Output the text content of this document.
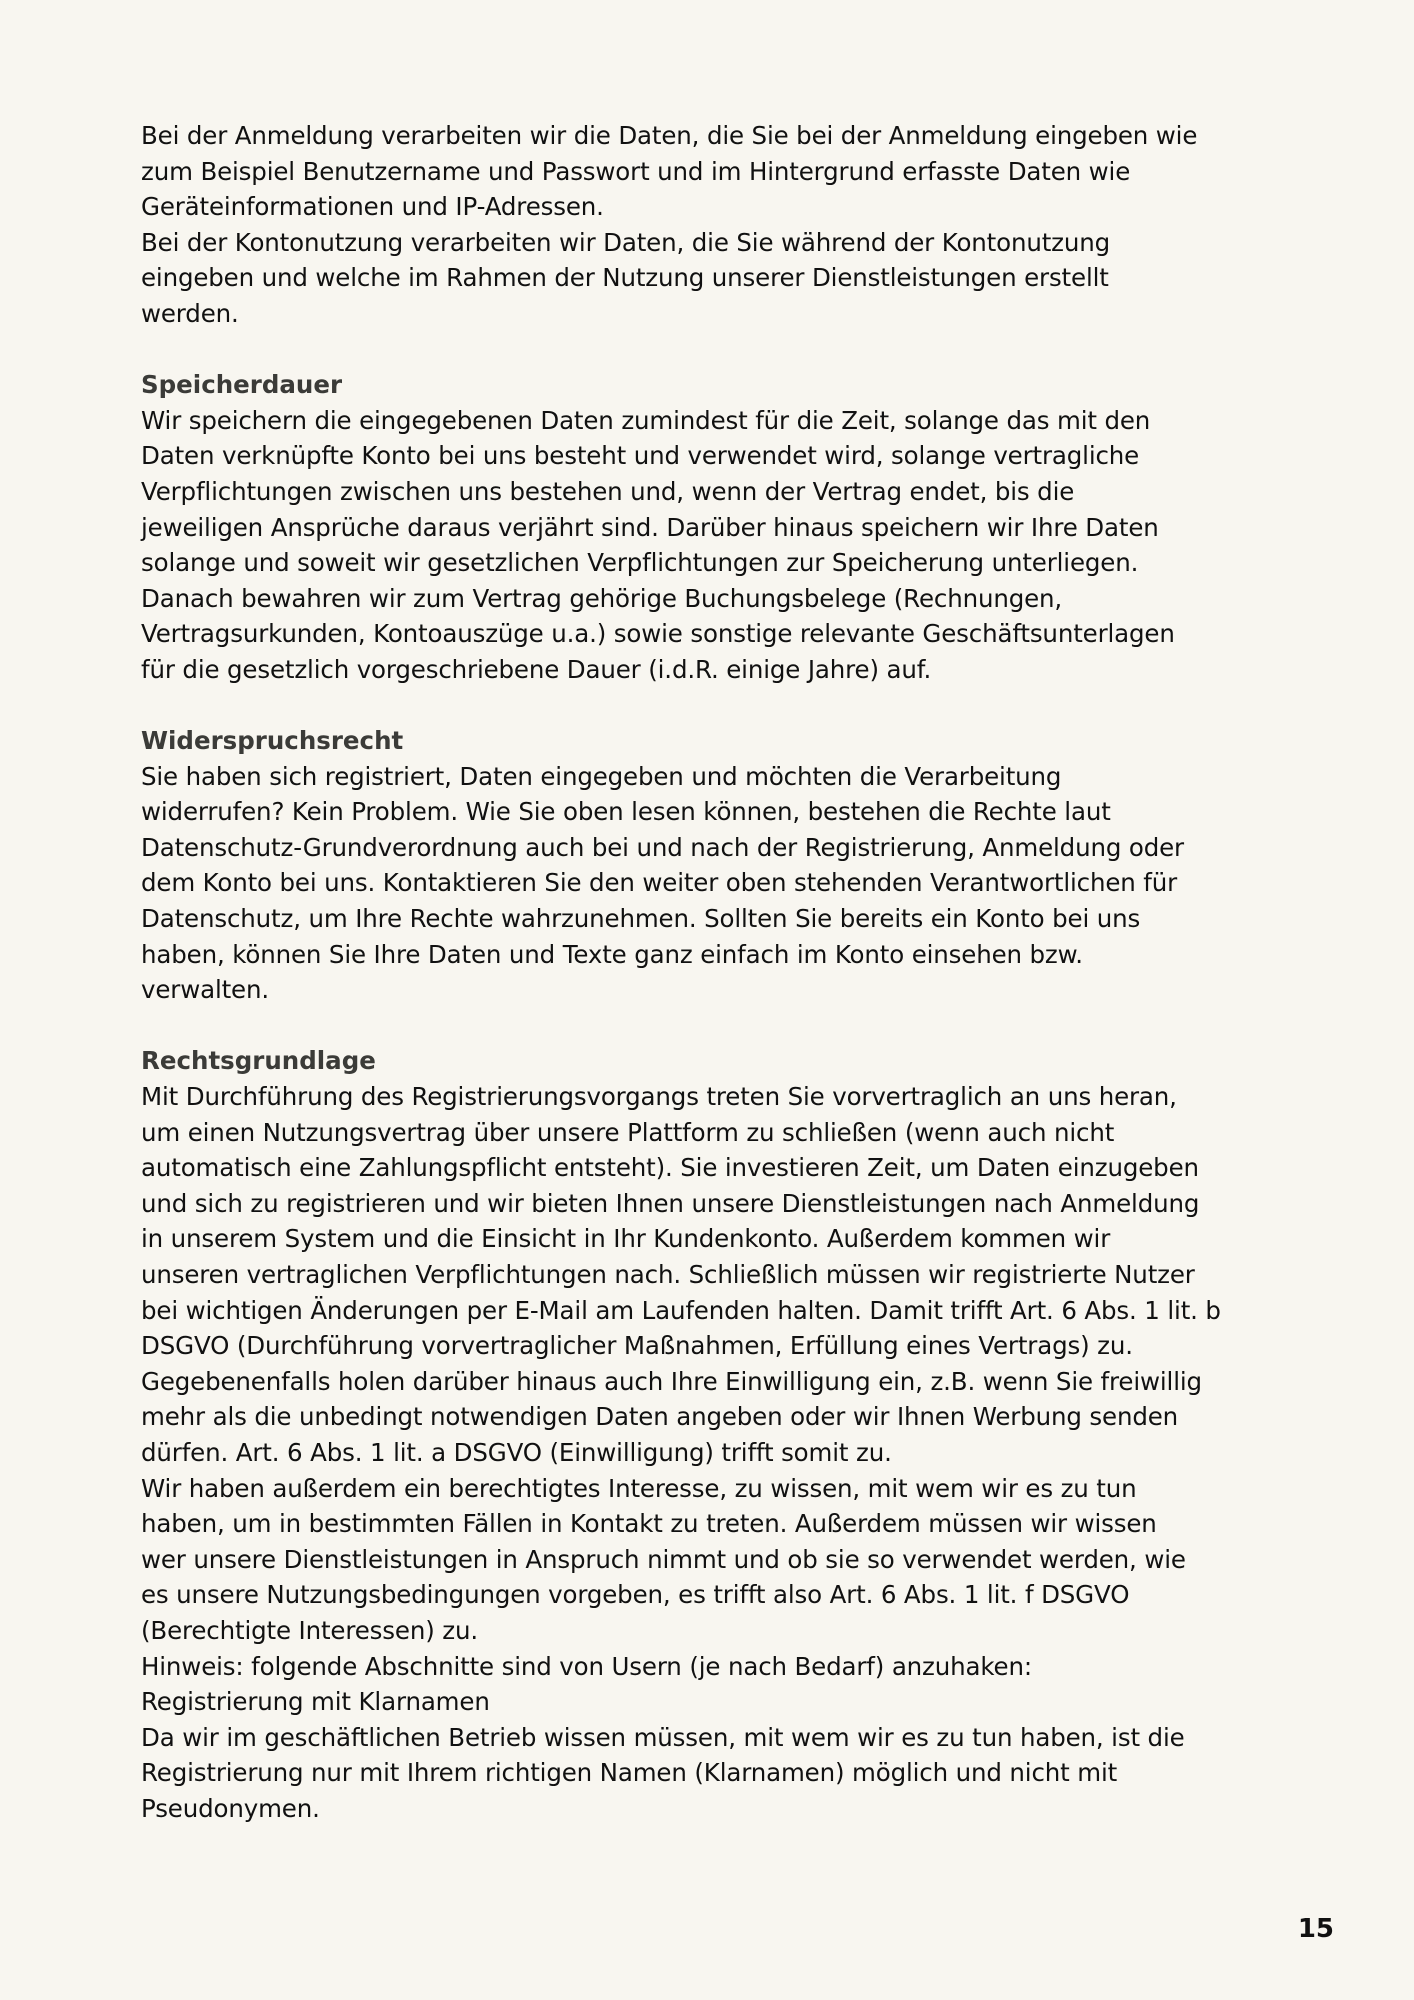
Bei der Anmeldung verarbeiten wir die Daten, die Sie bei der Anmeldung eingeben wie
zum Beispiel Benutzername und Passwort und im Hintergrund erfasste Daten wie
Geräteinformationen und IP-Adressen.
Bei der Kontonutzung verarbeiten wir Daten, die Sie während der Kontonutzung
eingeben und welche im Rahmen der Nutzung unserer Dienstleistungen erstellt
werden.
Speicherdauer
Wir speichern die eingegebenen Daten zumindest für die Zeit, solange das mit den
Daten verknüpfte Konto bei uns besteht und verwendet wird, solange vertragliche
Verpflichtungen zwischen uns bestehen und, wenn der Vertrag endet, bis die
jeweiligen Ansprüche daraus verjährt sind. Darüber hinaus speichern wir Ihre Daten
solange und soweit wir gesetzlichen Verpflichtungen zur Speicherung unterliegen.
Danach bewahren wir zum Vertrag gehörige Buchungsbelege (Rechnungen,
Vertragsurkunden, Kontoauszüge u.a.) sowie sonstige relevante Geschäftsunterlagen
für die gesetzlich vorgeschriebene Dauer (i.d.R. einige Jahre) auf.
Widerspruchsrecht
Sie haben sich registriert, Daten eingegeben und möchten die Verarbeitung
widerrufen? Kein Problem. Wie Sie oben lesen können, bestehen die Rechte laut
Datenschutz-Grundverordnung auch bei und nach der Registrierung, Anmeldung oder
dem Konto bei uns. Kontaktieren Sie den weiter oben stehenden Verantwortlichen für
Datenschutz, um Ihre Rechte wahrzunehmen. Sollten Sie bereits ein Konto bei uns
haben, können Sie Ihre Daten und Texte ganz einfach im Konto einsehen bzw.
verwalten.
Rechtsgrundlage
Mit Durchführung des Registrierungsvorgangs treten Sie vorvertraglich an uns heran,
um einen Nutzungsvertrag über unsere Plattform zu schließen (wenn auch nicht
automatisch eine Zahlungspflicht entsteht). Sie investieren Zeit, um Daten einzugeben
und sich zu registrieren und wir bieten Ihnen unsere Dienstleistungen nach Anmeldung
in unserem System und die Einsicht in Ihr Kundenkonto. Außerdem kommen wir
unseren vertraglichen Verpflichtungen nach. Schließlich müssen wir registrierte Nutzer
bei wichtigen Änderungen per E-Mail am Laufenden halten. Damit trifft Art. 6 Abs. 1 lit. b
DSGVO (Durchführung vorvertraglicher Maßnahmen, Erfüllung eines Vertrags) zu.
Gegebenenfalls holen darüber hinaus auch Ihre Einwilligung ein, z.B. wenn Sie freiwillig
mehr als die unbedingt notwendigen Daten angeben oder wir Ihnen Werbung senden
dürfen. Art. 6 Abs. 1 lit. a DSGVO (Einwilligung) trifft somit zu.
Wir haben außerdem ein berechtigtes Interesse, zu wissen, mit wem wir es zu tun
haben, um in bestimmten Fällen in Kontakt zu treten. Außerdem müssen wir wissen
wer unsere Dienstleistungen in Anspruch nimmt und ob sie so verwendet werden, wie
es unsere Nutzungsbedingungen vorgeben, es trifft also Art. 6 Abs. 1 lit. f DSGVO
(Berechtigte Interessen) zu.
Hinweis: folgende Abschnitte sind von Usern (je nach Bedarf) anzuhaken:
Registrierung mit Klarnamen
Da wir im geschäftlichen Betrieb wissen müssen, mit wem wir es zu tun haben, ist die
Registrierung nur mit Ihrem richtigen Namen (Klarnamen) möglich und nicht mit
Pseudonymen.
15
